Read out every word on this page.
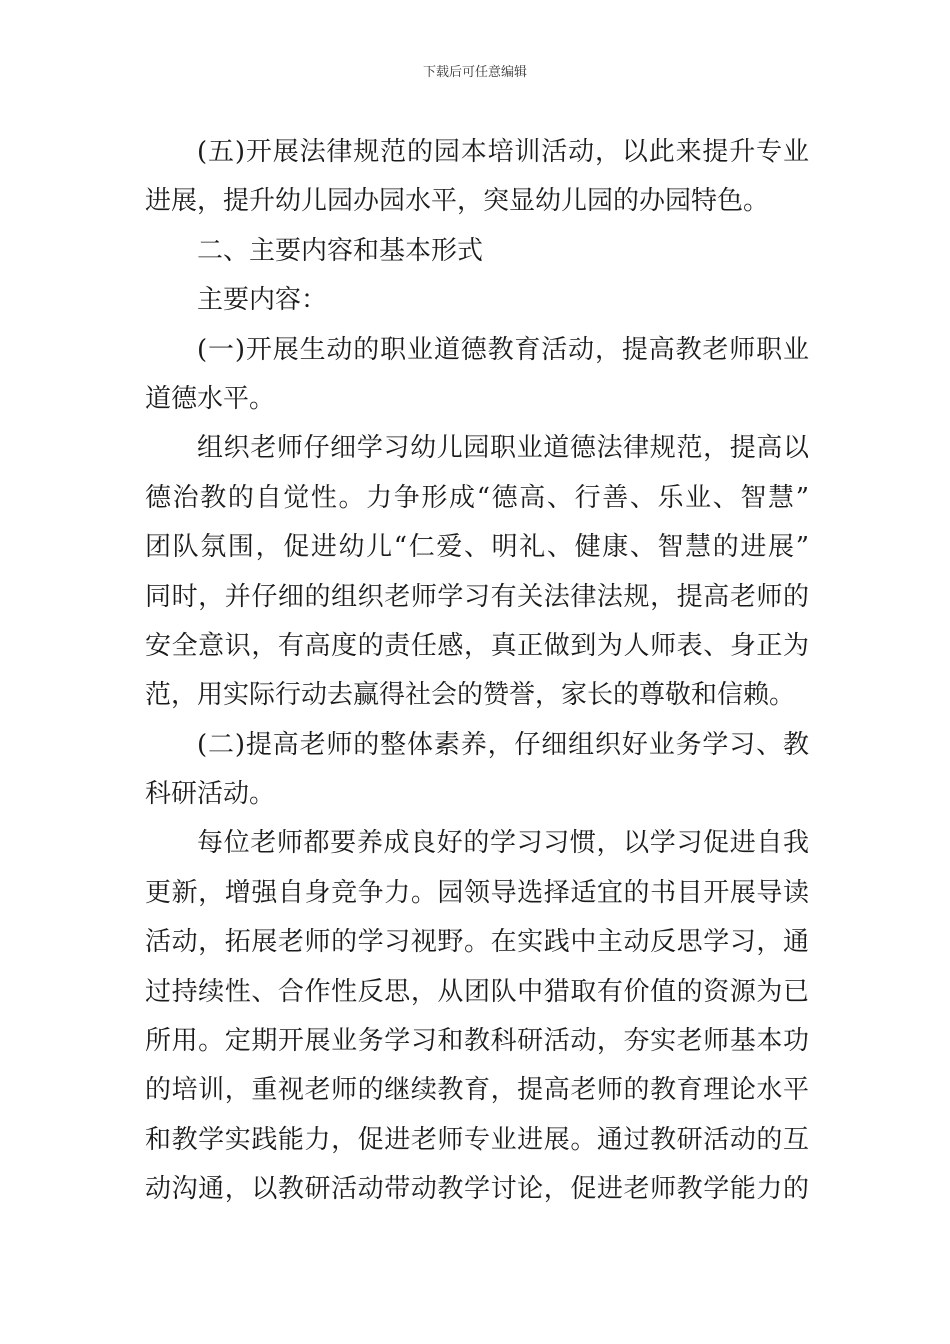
下载后可任意编辑
(五)开展法律规范的园本培训活动，以此来提升专业
进展，提升幼儿园办园水平，突显幼儿园的办园特色。
二、主要内容和基本形式
主要内容：
(一)开展生动的职业道德教育活动，提高教老师职业
道德水平。
组织老师仔细学习幼儿园职业道德法律规范，提高以
德治教的自觉性。力争形成“德高、行善、乐业、智慧”
团队氛围，促进幼儿“仁爱、明礼、健康、智慧的进展”
同时，并仔细的组织老师学习有关法律法规，提高老师的
安全意识，有高度的责任感，真正做到为人师表、身正为
范，用实际行动去赢得社会的赞誉，家长的尊敬和信赖。
(二)提高老师的整体素养，仔细组织好业务学习、教
科研活动。
每位老师都要养成良好的学习习惯，以学习促进自我
更新，增强自身竞争力。园领导选择适宜的书目开展导读
活动，拓展老师的学习视野。在实践中主动反思学习，通
过持续性、合作性反思，从团队中猎取有价值的资源为已
所用。定期开展业务学习和教科研活动，夯实老师基本功
的培训，重视老师的继续教育，提高老师的教育理论水平
和教学实践能力，促进老师专业进展。通过教研活动的互
动沟通，以教研活动带动教学讨论，促进老师教学能力的
